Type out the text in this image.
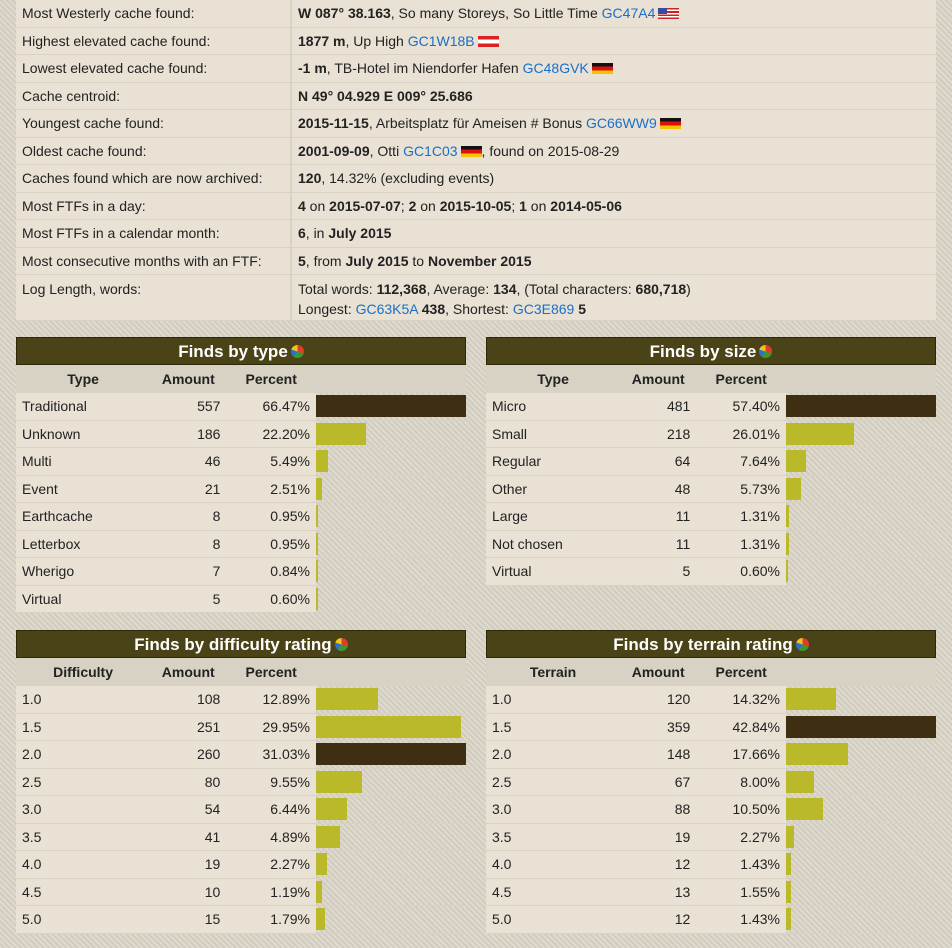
Most Westerly cache found:	W 087° 38.163, So many Storeys, So Little Time GC47A4
Highest elevated cache found:	1877 m, Up High GC1W18B
Lowest elevated cache found:	-1 m, TB-Hotel im Niendorfer Hafen GC48GVK
Cache centroid:	N 49° 04.929 E 009° 25.686
Youngest cache found:	2015-11-15, Arbeitsplatz für Ameisen # Bonus GC66WW9
Oldest cache found:	2001-09-09, Otti GC1C03 , found on 2015-08-29
Caches found which are now archived:	120, 14.32% (excluding events)
Most FTFs in a day:	4 on 2015-07-07; 2 on 2015-10-05; 1 on 2014-05-06
Most FTFs in a calendar month:	6, in July 2015
Most consecutive months with an FTF:	5, from July 2015 to November 2015
Log Length, words:	Total words: 112,368, Average: 134, (Total characters: 680,718)
Longest: GC63K5A 438, Shortest: GC3E869 5
Finds by type
Type	Amount	Percent	
Traditional	557	66.47%	

Unknown	186	22.20%	

Multi	46	5.49%	

Event	21	2.51%	

Earthcache	8	0.95%	

Letterbox	8	0.95%	

Wherigo	7	0.84%	

Virtual	5	0.60%	
Finds by size
Type	Amount	Percent	
Micro	481	57.40%	

Small	218	26.01%	

Regular	64	7.64%	

Other	48	5.73%	

Large	11	1.31%	

Not chosen	11	1.31%	

Virtual	5	0.60%	
Finds by difficulty rating
Difficulty	Amount	Percent	
1.0	108	12.89%	

1.5	251	29.95%	

2.0	260	31.03%	

2.5	80	9.55%	

3.0	54	6.44%	

3.5	41	4.89%	

4.0	19	2.27%	

4.5	10	1.19%	

5.0	15	1.79%	
Finds by terrain rating
Terrain	Amount	Percent	
1.0	120	14.32%	

1.5	359	42.84%	

2.0	148	17.66%	

2.5	67	8.00%	

3.0	88	10.50%	

3.5	19	2.27%	

4.0	12	1.43%	

4.5	13	1.55%	

5.0	12	1.43%	
